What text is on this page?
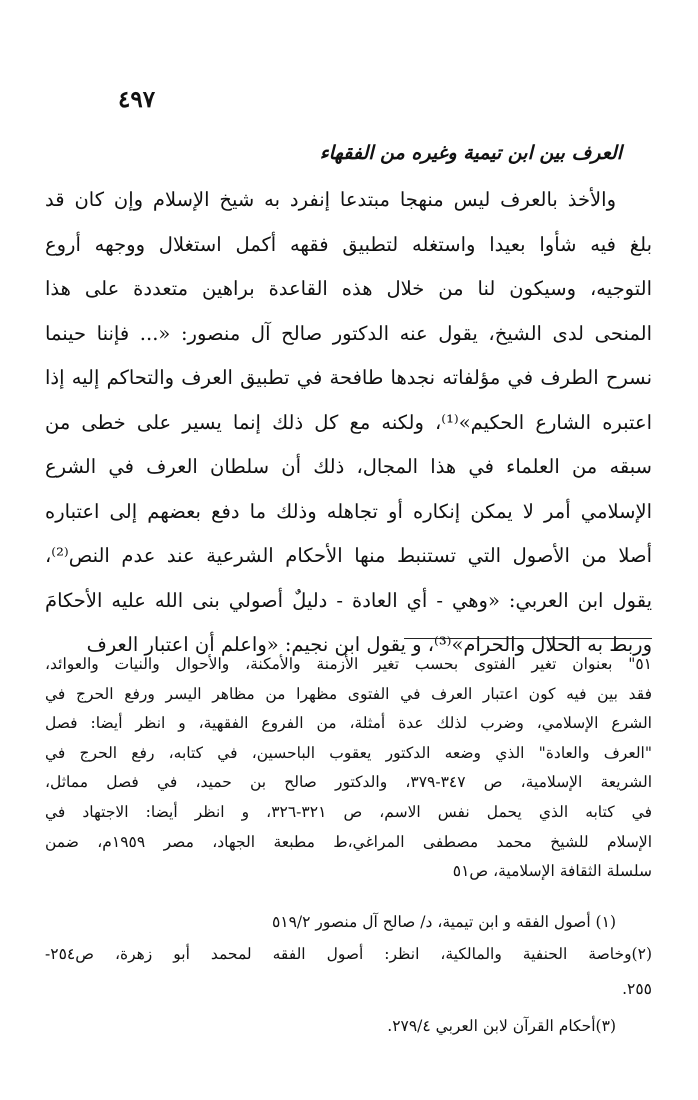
٤٩٧
العرف بين ابن تيمية وغيره من الفقهاء
والأخذ بالعرف ليس منهجا مبتدعا إنفرد به شيخ الإسلام وإن كان قد
بلغ فيه شأوا بعيدا واستغله لتطبيق فقهه أكمل استغلال ووجهه أروع
التوجيه، وسيكون لنا من خلال هذه القاعدة براهين متعددة على هذا
المنحى لدى الشيخ، يقول عنه الدكتور صالح آل منصور: «... فإننا حينما
نسرح الطرف في مؤلفاته نجدها طافحة في تطبيق العرف والتحاكم إليه إذا
اعتبره الشارع الحكيم»⁽¹⁾، ولكنه مع كل ذلك إنما يسير على خطى من
سبقه من العلماء في هذا المجال، ذلك أن سلطان العرف في الشرع
الإسلامي أمر لا يمكن إنكاره أو تجاهله وذلك ما دفع بعضهم إلى اعتباره
أصلا من الأصول التي تستنبط منها الأحكام الشرعية عند عدم النص⁽²⁾،
يقول ابن العربي: «وهي - أي العادة - دليلٌ أصولي بنى الله عليه الأحكامَ
وربط به الحلال والحرام»⁽³⁾، و يقول ابن نجيم: «واعلم أن اعتبار العرف
٥١" بعنوان تغير الفتوى بحسب تغير الأزمنة والأمكنة، والأحوال والنيات والعوائد،
فقد بين فيه كون اعتبار العرف في الفتوى مظهرا من مظاهر اليسر ورفع الحرج في
الشرع الإسلامي، وضرب لذلك عدة أمثلة، من الفروع الفقهية، و انظر أيضا: فصل
"العرف والعادة" الذي وضعه الدكتور يعقوب الباحسين، في كتابه، رفع الحرج في
الشريعة الإسلامية، ص ٣٤٧-٣٧٩، والدكتور صالح بن حميد، في فصل مماثل،
في كتابه الذي يحمل نفس الاسم، ص ٣٢١-٣٢٦، و انظر أيضا: الاجتهاد في
الإسلام للشيخ محمد مصطفى المراغي،ط مطبعة الجهاد، مصر ١٩٥٩م، ضمن
سلسلة الثقافة الإسلامية، ص٥١
(١) أصول الفقه و ابن تيمية، د/ صالح آل منصور ٥١٩/٢
(٢)وخاصة الحنفية والمالكية، انظر: أصول الفقه لمحمد أبو زهرة، ص٢٥٤-
٢٥٥.
(٣)أحكام القرآن لابن العربي ٢٧٩/٤.
